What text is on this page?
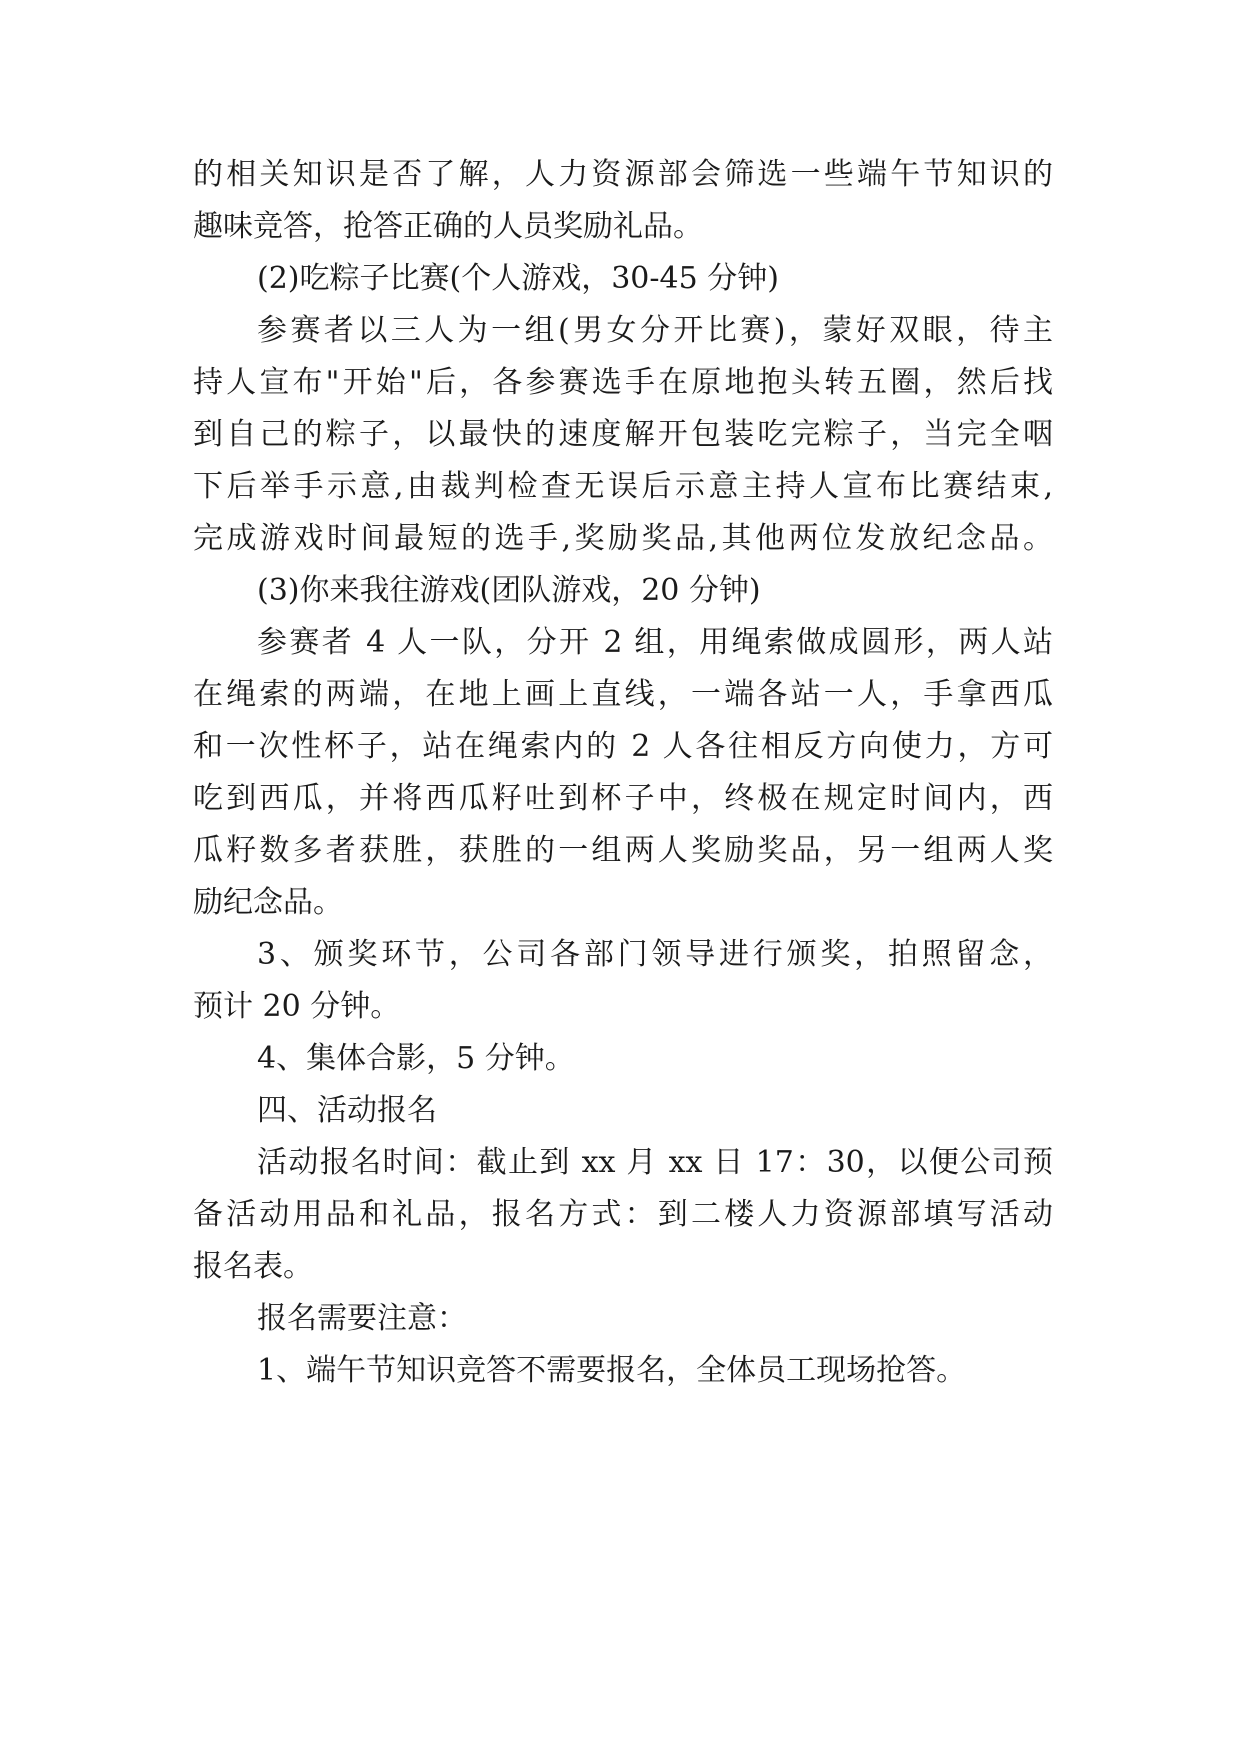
的相关知识是否了解，人力资源部会筛选一些端午节知识的
趣味竞答，抢答正确的人员奖励礼品。
(2)吃粽子比赛(个人游戏，30-45 分钟)
参赛者以三人为一组(男女分开比赛)，蒙好双眼，待主
持人宣布"开始"后，各参赛选手在原地抱头转五圈，然后找
到自己的粽子，以最快的速度解开包装吃完粽子，当完全咽
下后举手示意,由裁判检查无误后示意主持人宣布比赛结束,
完成游戏时间最短的选手,奖励奖品,其他两位发放纪念品。
(3)你来我往游戏(团队游戏，20 分钟)
参赛者 4 人一队，分开 2 组，用绳索做成圆形，两人站
在绳索的两端，在地上画上直线，一端各站一人，手拿西瓜
和一次性杯子，站在绳索内的 2 人各往相反方向使力，方可
吃到西瓜，并将西瓜籽吐到杯子中，终极在规定时间内，西
瓜籽数多者获胜，获胜的一组两人奖励奖品，另一组两人奖
励纪念品。
3、颁奖环节，公司各部门领导进行颁奖，拍照留念，
预计 20 分钟。
4、集体合影，5 分钟。
四、活动报名
活动报名时间：截止到 xx 月 xx 日 17：30，以便公司预
备活动用品和礼品，报名方式：到二楼人力资源部填写活动
报名表。
报名需要注意：
1、端午节知识竞答不需要报名，全体员工现场抢答。
